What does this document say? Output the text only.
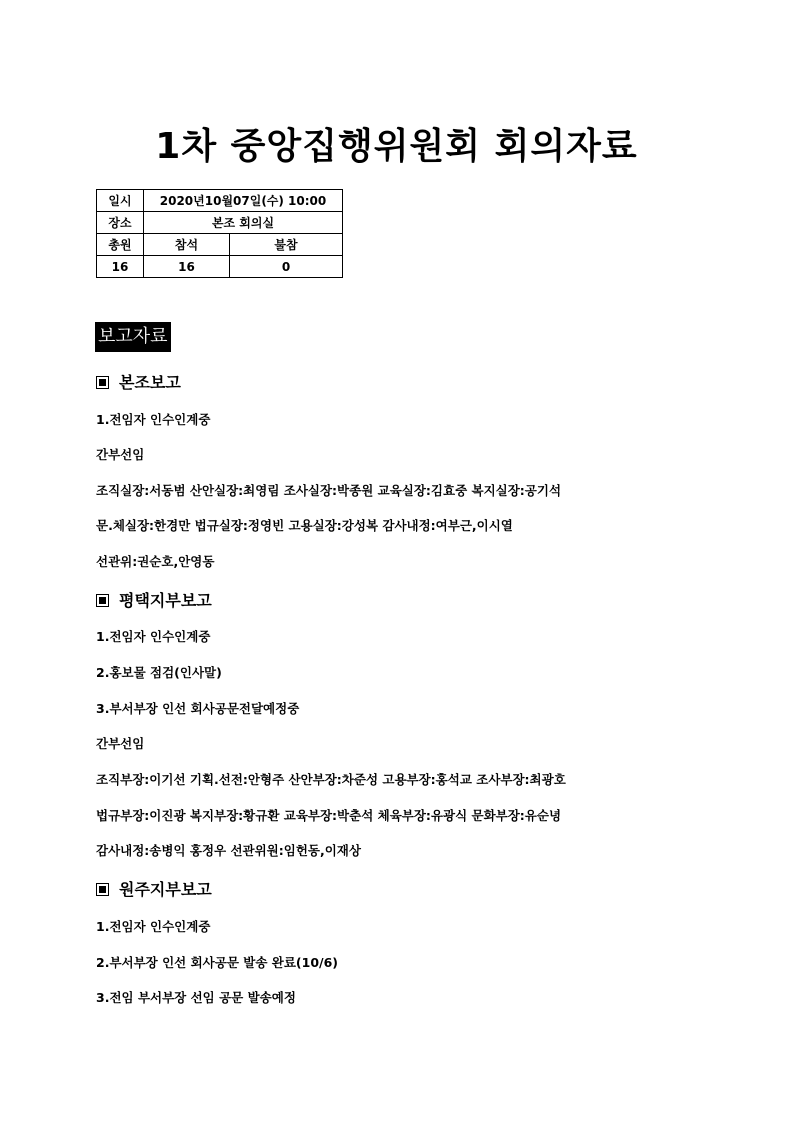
1차 중앙집행위원회 회의자료
일시	2020년10월07일(수) 10:00	
장소	본조 회의실	
총원	참석	불참
16	16	0
보고자료
본조보고
1.전임자 인수인계중
간부선임
조직실장:서동범 산안실장:최영림 조사실장:박종원 교육실장:김효중 복지실장:공기석
문.체실장:한경만 법규실장:정영빈 고용실장:강성복 감사내정:여부근,이시열
선관위:권순호,안영동
평택지부보고
1.전임자 인수인계중
2.홍보물 점검(인사말)
3.부서부장 인선 회사공문전달예정중
간부선임
조직부장:이기선 기획.선전:안형주 산안부장:차준성 고용부장:홍석교 조사부장:최광호
법규부장:이진광 복지부장:황규환 교육부장:박춘석 체육부장:유광식 문화부장:유순녕
감사내정:송병익 홍정우 선관위원:임헌동,이재상
원주지부보고
1.전임자 인수인계중
2.부서부장 인선 회사공문 발송 완료(10/6)
3.전임 부서부장 선임 공문 발송예정
